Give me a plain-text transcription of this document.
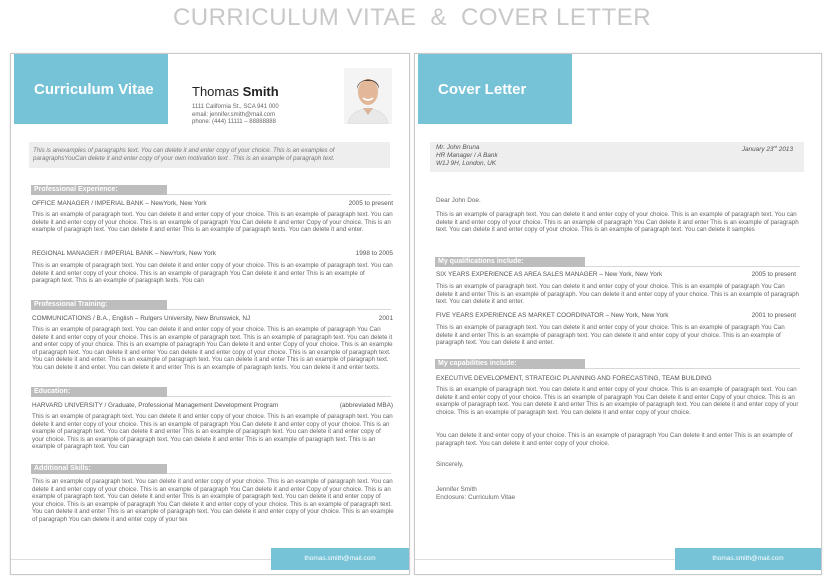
CURRICULUM VITAE & COVER LETTER
Curriculum Vitae	Thomas Smith
1111 California St., SCA 941 000
email: jennifer.smith@mail.com
phone: (444) 11111 – 88888888
This is anexamples of paragraphs text. You can delete it and enter copy of your choice. This is an examples of paragraphsYouCan delete it and enter copy of your own motivation text . This is an example of paragraph text.
Professional Experience:
OFFICE MANAGER / IMPERIAL BANK – NewYork, New York	2005 to present
This is an example of paragraph text. You can delete it and enter copy of your choice. This is an example of paragraph text. You can delete it and enter copy of your choice. This is an example of paragraph You Can delete it and enter Copy of your choice. This is an example of paragraph text. You can delete it and enter This is an example of paragraph texts. You can delete it and enter.
REGIONAL MANAGER / IMPERIAL BANK – NewYork, New York	1998 to 2005
This is an example of paragraph text. You can delete it and enter copy of your choice. This is an example of paragraph text. You can delete it and enter copy of your choice. This is an example of paragraph You Can delete it and enter This is an example of paragraph text. This is an example of paragraph texts. You can
Professional Training:
COMMUNICATIONS / B.A., English – Rulgers University, New Brunswick, NJ	2001
This is an example of paragraph text. You can delete it and enter copy of your choice. This is an example of paragraph You Can delete it and enter copy of your choice. This is an example of paragraph text. This is an example of paragraph text. You can delete it and enter copy of your choice. This is an example of paragraph You Can delete it and enter Copy of your choice. This is an example of paragraph text. You can delete it and enter You can delete it and enter copy of your choice. This is an example of paragraph text. You can delete it and enter. This is an example of paragraph text. You can delete it and enter This is an example of paragraph text. You can delete it and enter. You can delete it and enter This is an example of paragraph texts. You can delete it and enter texts.
Education:
HARVARD UNIVERSITY / Graduate, Professional Management Development Program	(abbreviated MBA)
This is an example of paragraph text. You can delete it and enter copy of your choice. This is an example of paragraph text. You can delete it and enter copy of your choice. This is an example of paragraph You Can delete it and enter copy of your choice. This is an example of paragraph text. You can delete it and enter This is an example of paragraph text. You can delete it and enter copy of your choice. This is an example of paragraph text. You can delete it and enter This is an example of paragraph text. This is an example of paragraph text. You can
Additional Skills:
This is an example of paragraph text. You can delete it and enter copy of your choice. This is an example of paragraph text. You can delete it and enter copy of your choice. This is an example of paragraph You Can delete it and enter Copy of your choice. This is an example of paragraph text. You can delete it and enter This is an example of paragraph text. You can delete it and enter copy of your choice. This is an example of paragraph You Can delete it and enter copy of your choice. This is an example of paragraph text. You can delete it and enter This is an example of paragraph text. You can delete it and enter copy of your choice. This is an example of paragraph You can delete it and enter copy of your tex
thomas.smith@mail.com
Cover Letter
Mr. John Bruna
HR Manager / A Bank
W1J 9H, London, UK
January 23rd 2013
Dear John Doe.
This is an example of paragraph text. You can delete it and enter copy of your choice. This is an example of paragraph text. You can delete it and enter copy of your choice. This is an example of paragraph You Can delete it and enter This is an example of paragraph text. You can delete it and enter copy of your choice. This is an example of paragraph text. You can delete it samples
My qualifications include:
SIX YEARS EXPERIENCE AS AREA SALES MANAGER – New York, New York	2005 to present
This is an example of paragraph text. You can delete it and enter copy of your choice. This is an example of paragraph You Can delete it and enter This is an example of paragraph. You can delete it and enter copy of your choice. This is an example of paragraph text. You can delete it and enter.
FIVE YEARS EXPERIENCE AS MARKET COORDINATOR – New York, New York	2001 to present
This is an example of paragraph text. You can delete it and enter copy of your choice. This is an example of paragraph You Can delete it and enter This is an example of paragraph text. You can delete it and enter copy of your choice. This is an example of paragraph text. You can delete it and enter.
My capabilities include:
EXECUTIVE DEVELOPMENT, STRATEGIC PLANNING AND FORECASTING, TEAM BUILDING
This is an example of paragraph text. You can delete it and enter copy of your choice. This is an example of paragraph text. You can delete it and enter copy of your choice. This is an example of paragraph You Can delete it and enter Copy of your choice. This is an example of paragraph text. You can delete it and enter This is an example of paragraph text. You can delete it and enter copy of your choice. This is an example of paragraph text. You can delete it and enter copy of your choice.
You can delete it and enter copy of your choice. This is an example of paragraph You Can delete it and enter This is an example of paragraph text. You can delete it and enter copy of your choice.
Sincerely,
Jennifer Smith
Enclosure: Curriculum Vitae
thomas.smith@mail.com
